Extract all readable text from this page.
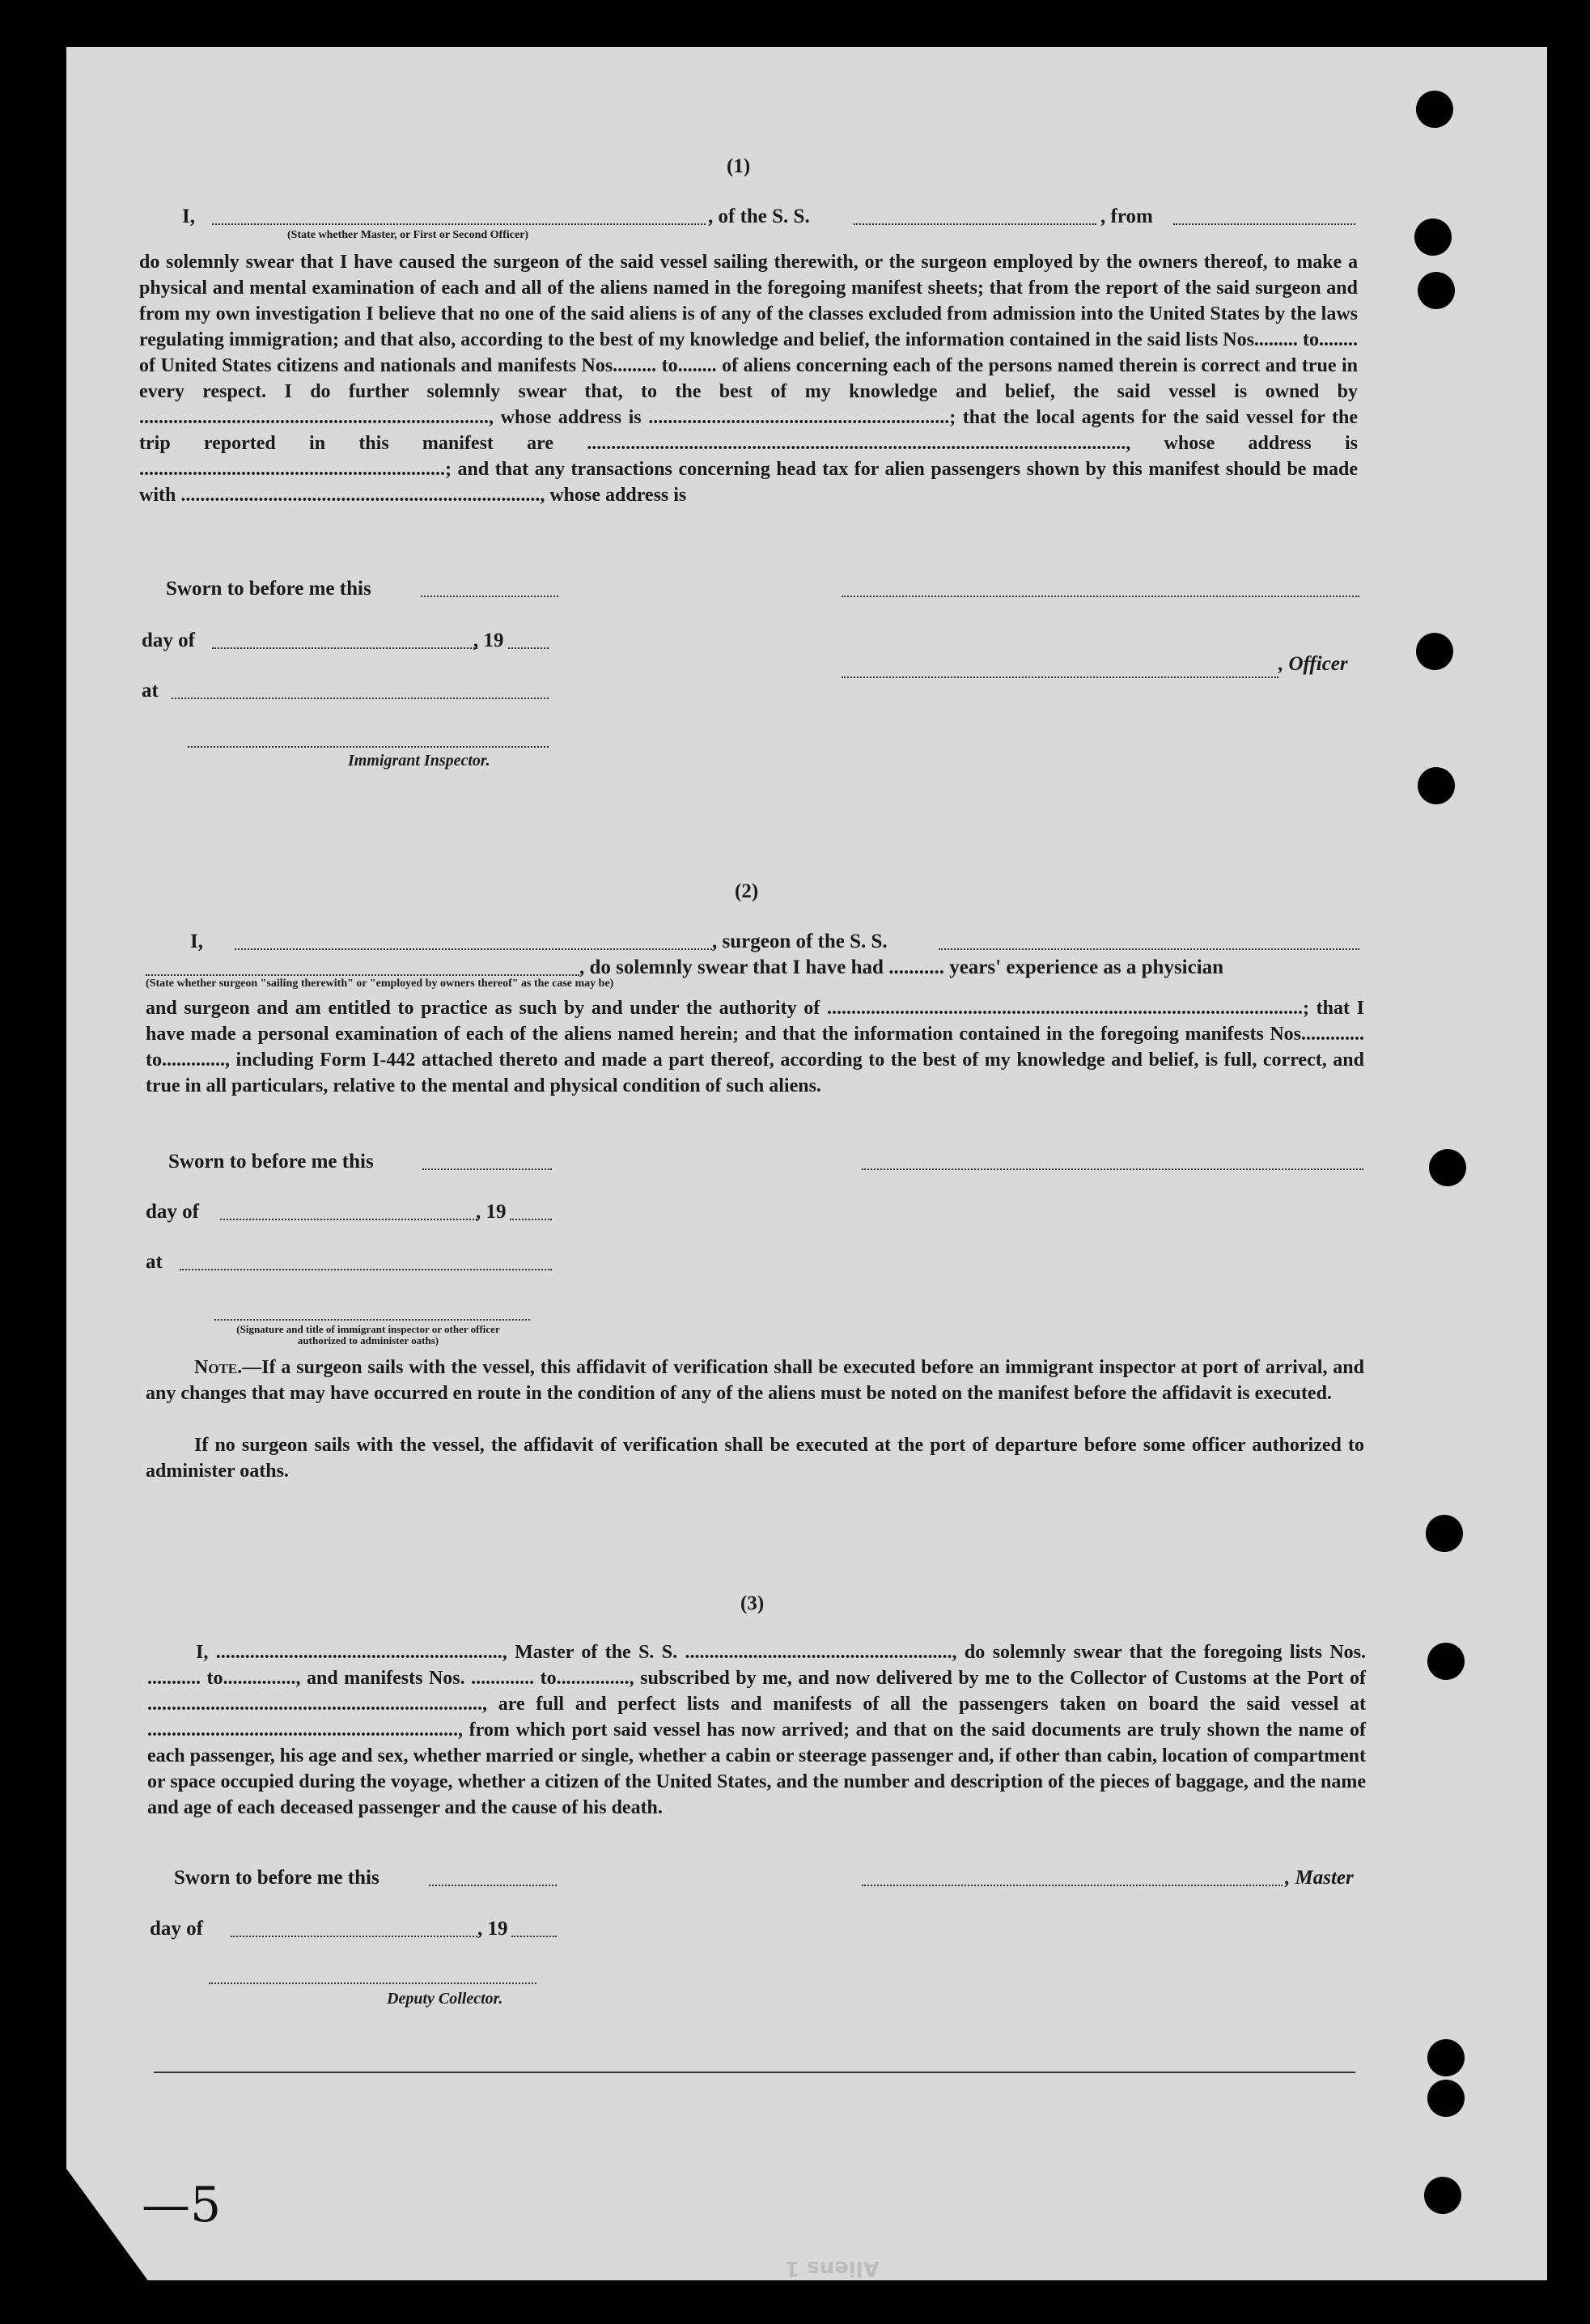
(1)
I,	, of the S. S.	, from
(State whether Master, or First or Second Officer)
do solemnly swear that I have caused the surgeon of the said vessel sailing therewith, or the surgeon employed by the owners thereof, to make a physical and mental examination of each and all of the aliens named in the foregoing manifest sheets; that from the report of the said surgeon and from my own investigation I believe that no one of the said aliens is of any of the classes excluded from admission into the United States by the laws regulating immigration; and that also, according to the best of my knowledge and belief, the information contained in the said lists Nos......... to........ of United States citizens and nationals and manifests Nos......... to........ of aliens concerning each of the persons named therein is correct and true in every respect. I do further solemnly swear that, to the best of my knowledge and belief, the said vessel is owned by ........................................................................, whose address is ..............................................................; that the local agents for the said vessel for the trip reported in this manifest are ..............................................................................................................., whose address is ...............................................................; and that any transactions concerning head tax for alien passengers shown by this manifest should be made with .........................................................................., whose address is
Sworn to before me this
day of	, 19
, Officer
at
Immigrant Inspector.
(2)
I,	, surgeon of the S. S.
, do solemnly swear that I have had ........... years' experience as a physician
(State whether surgeon "sailing therewith" or "employed by owners thereof" as the case may be)
and surgeon and am entitled to practice as such by and under the authority of ..................................................................................................; that I have made a personal examination of each of the aliens named herein; and that the information contained in the foregoing manifests Nos............. to............., including Form I-442 attached thereto and made a part thereof, according to the best of my knowledge and belief, is full, correct, and true in all particulars, relative to the mental and physical condition of such aliens.
Sworn to before me this
day of	, 19
at
(Signature and title of immigrant inspector or other officer authorized to administer oaths)
Note.—If a surgeon sails with the vessel, this affidavit of verification shall be executed before an immigrant inspector at port of arrival, and any changes that may have occurred en route in the condition of any of the aliens must be noted on the manifest before the affidavit is executed.
If no surgeon sails with the vessel, the affidavit of verification shall be executed at the port of departure before some officer authorized to administer oaths.
(3)
I, ..........................................................., Master of the S. S. ......................................................., do solemnly swear that the foregoing lists Nos. ........... to..............., and manifests Nos. ............. to..............., subscribed by me, and now delivered by me to the Collector of Customs at the Port of ....................................................................., are full and perfect lists and manifests of all the passengers taken on board the said vessel at ................................................................, from which port said vessel has now arrived; and that on the said documents are truly shown the name of each passenger, his age and sex, whether married or single, whether a cabin or steerage passenger and, if other than cabin, location of compartment or space occupied during the voyage, whether a citizen of the United States, and the number and description of the pieces of baggage, and the name and age of each deceased passenger and the cause of his death.
Sworn to before me this	, Master
day of	, 19
Deputy Collector.
—5
Aliens 1
